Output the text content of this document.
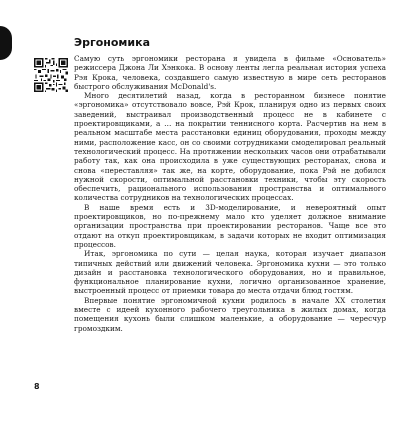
Эргономика

Самую суть эргономики ресторана я увидела в фильме «Основатель» режиссера Джона Ли Хэнкока. В основу ленты легла реальная история успеха Рэя Крока, человека, создавшего самую известную в мире сеть ресторанов быстрого обслуживания McDonald's.

Много десятилетий назад, когда в ресторанном бизнесе понятие «эргономика» отсутствовало вовсе, Рэй Крок, планируя одно из первых своих заведений, выстраивал производственный процесс не в кабинете с проектировщиками, а … на покрытии теннисного корта. Расчертив на нем в реальном масштабе места расстановки единиц оборудования, проходы между ними, расположение касс, он со своими сотрудниками смоделировал реальный технологический процесс. На протяжении нескольких часов они отрабатывали работу так, как она происходила в уже существующих ресторанах, снова и снова «переставляя» так же, на корте, оборудование, пока Рэй не добился нужной скорости, оптимальной расстановки техники, чтобы эту скорость обеспечить, рационального использования пространства и оптимального количества сотрудников на технологических процессах.

В наше время есть и 3D-моделирование, и невероятный опыт проектировщиков, но по-прежнему мало кто уделяет должное внимание организации пространства при проектировании ресторанов. Чаще все это отдают на откуп проектировщикам, в задачи которых не входит оптимизация процессов.

Итак, эргономика по сути — целая наука, которая изучает диапазон типичных действий или движений человека. Эргономика кухни — это только дизайн и расстановка технологического оборудования, но и правильное, функциональное планирование кухни, логично организованное хранение, выстроенный процесс от приемки товара до места отдачи блюд гостям.

Впервые понятие эргономичной кухни родилось в начале XX столетия вместе с идеей кухонного рабочего треугольника в жилых домах, когда помещения кухонь были слишком маленькие, а оборудование — чересчур громоздким.

8
